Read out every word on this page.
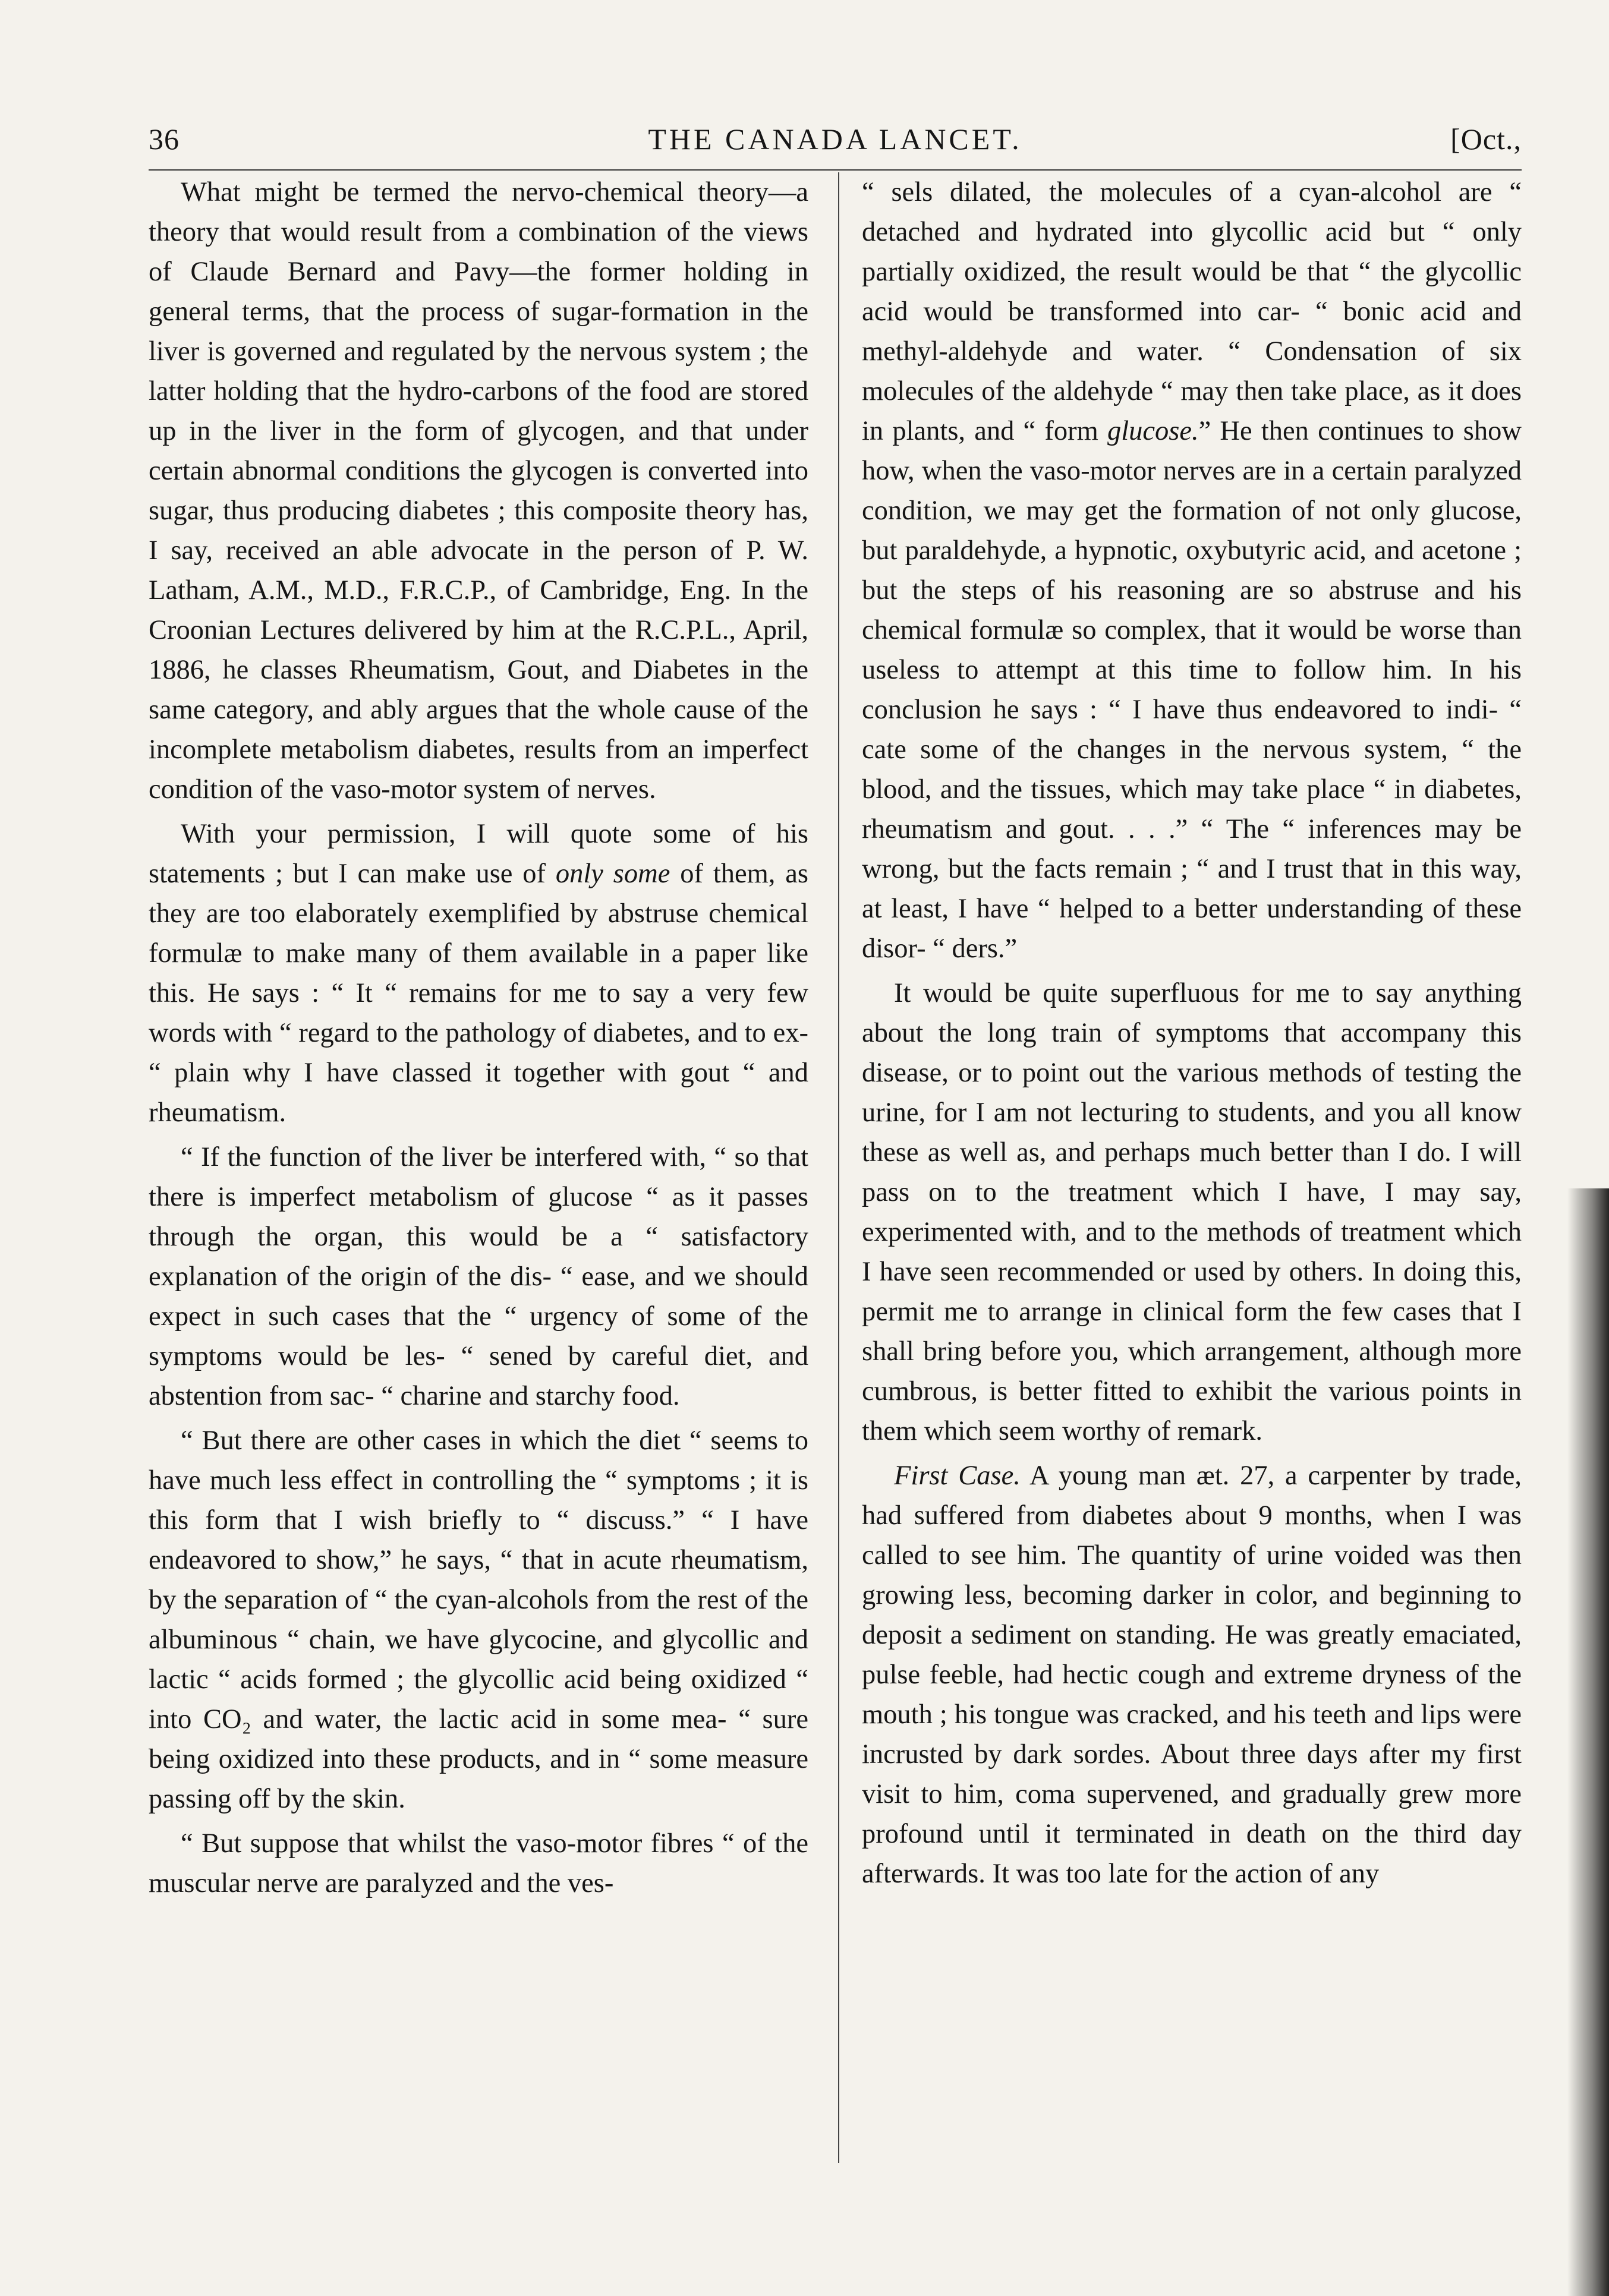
36	THE CANADA LANCET.	[Oct.,

What might be termed the nervo-chemical theory—a theory that would result from a combination of the views of Claude Bernard and Pavy—the former holding in general terms, that the process of sugar-formation in the liver is governed and regulated by the nervous system ; the latter holding that the hydro-carbons of the food are stored up in the liver in the form of glycogen, and that under certain abnormal conditions the glycogen is converted into sugar, thus producing diabetes ; this composite theory has, I say, received an able advocate in the person of P. W. Latham, A.M., M.D., F.R.C.P., of Cambridge, Eng. In the Croonian Lectures delivered by him at the R.C.P.L., April, 1886, he classes Rheumatism, Gout, and Diabetes in the same category, and ably argues that the whole cause of the incomplete metabolism diabetes, results from an imperfect condition of the vaso-motor system of nerves.

With your permission, I will quote some of his statements ; but I can make use of only some of them, as they are too elaborately exemplified by abstruse chemical formulæ to make many of them available in a paper like this. He says : “ It “ remains for me to say a very few words with “ regard to the pathology of diabetes, and to ex- “ plain why I have classed it together with gout “ and rheumatism.

“ If the function of the liver be interfered with, “ so that there is imperfect metabolism of glucose “ as it passes through the organ, this would be a “ satisfactory explanation of the origin of the dis- “ ease, and we should expect in such cases that the “ urgency of some of the symptoms would be les- “ sened by careful diet, and abstention from sac- “ charine and starchy food.

“ But there are other cases in which the diet “ seems to have much less effect in controlling the “ symptoms ; it is this form that I wish briefly to “ discuss.” “ I have endeavored to show,” he says, “ that in acute rheumatism, by the separation of “ the cyan-alcohols from the rest of the albuminous “ chain, we have glycocine, and glycollic and lactic “ acids formed ; the glycollic acid being oxidized “ into CO₂ and water, the lactic acid in some mea- “ sure being oxidized into these products, and in “ some measure passing off by the skin.

“ But suppose that whilst the vaso-motor fibres “ of the muscular nerve are paralyzed and the ves-

“ sels dilated, the molecules of a cyan-alcohol are “ detached and hydrated into glycollic acid but “ only partially oxidized, the result would be that “ the glycollic acid would be transformed into car- “ bonic acid and methyl-aldehyde and water. “ Condensation of six molecules of the aldehyde “ may then take place, as it does in plants, and “ form glucose.” He then continues to show how, when the vaso-motor nerves are in a certain paralyzed condition, we may get the formation of not only glucose, but paraldehyde, a hypnotic, oxybutyric acid, and acetone ; but the steps of his reasoning are so abstruse and his chemical formulæ so complex, that it would be worse than useless to attempt at this time to follow him. In his conclusion he says : “ I have thus endeavored to indi- “ cate some of the changes in the nervous system, “ the blood, and the tissues, which may take place “ in diabetes, rheumatism and gout. . . .” “ The “ inferences may be wrong, but the facts remain ; “ and I trust that in this way, at least, I have “ helped to a better understanding of these disor- “ ders.”

It would be quite superfluous for me to say anything about the long train of symptoms that accompany this disease, or to point out the various methods of testing the urine, for I am not lecturing to students, and you all know these as well as, and perhaps much better than I do. I will pass on to the treatment which I have, I may say, experimented with, and to the methods of treatment which I have seen recommended or used by others. In doing this, permit me to arrange in clinical form the few cases that I shall bring before you, which arrangement, although more cumbrous, is better fitted to exhibit the various points in them which seem worthy of remark.

First Case. A young man æt. 27, a carpenter by trade, had suffered from diabetes about 9 months, when I was called to see him. The quantity of urine voided was then growing less, becoming darker in color, and beginning to deposit a sediment on standing. He was greatly emaciated, pulse feeble, had hectic cough and extreme dryness of the mouth ; his tongue was cracked, and his teeth and lips were incrusted by dark sordes. About three days after my first visit to him, coma supervened, and gradually grew more profound until it terminated in death on the third day afterwards. It was too late for the action of any
